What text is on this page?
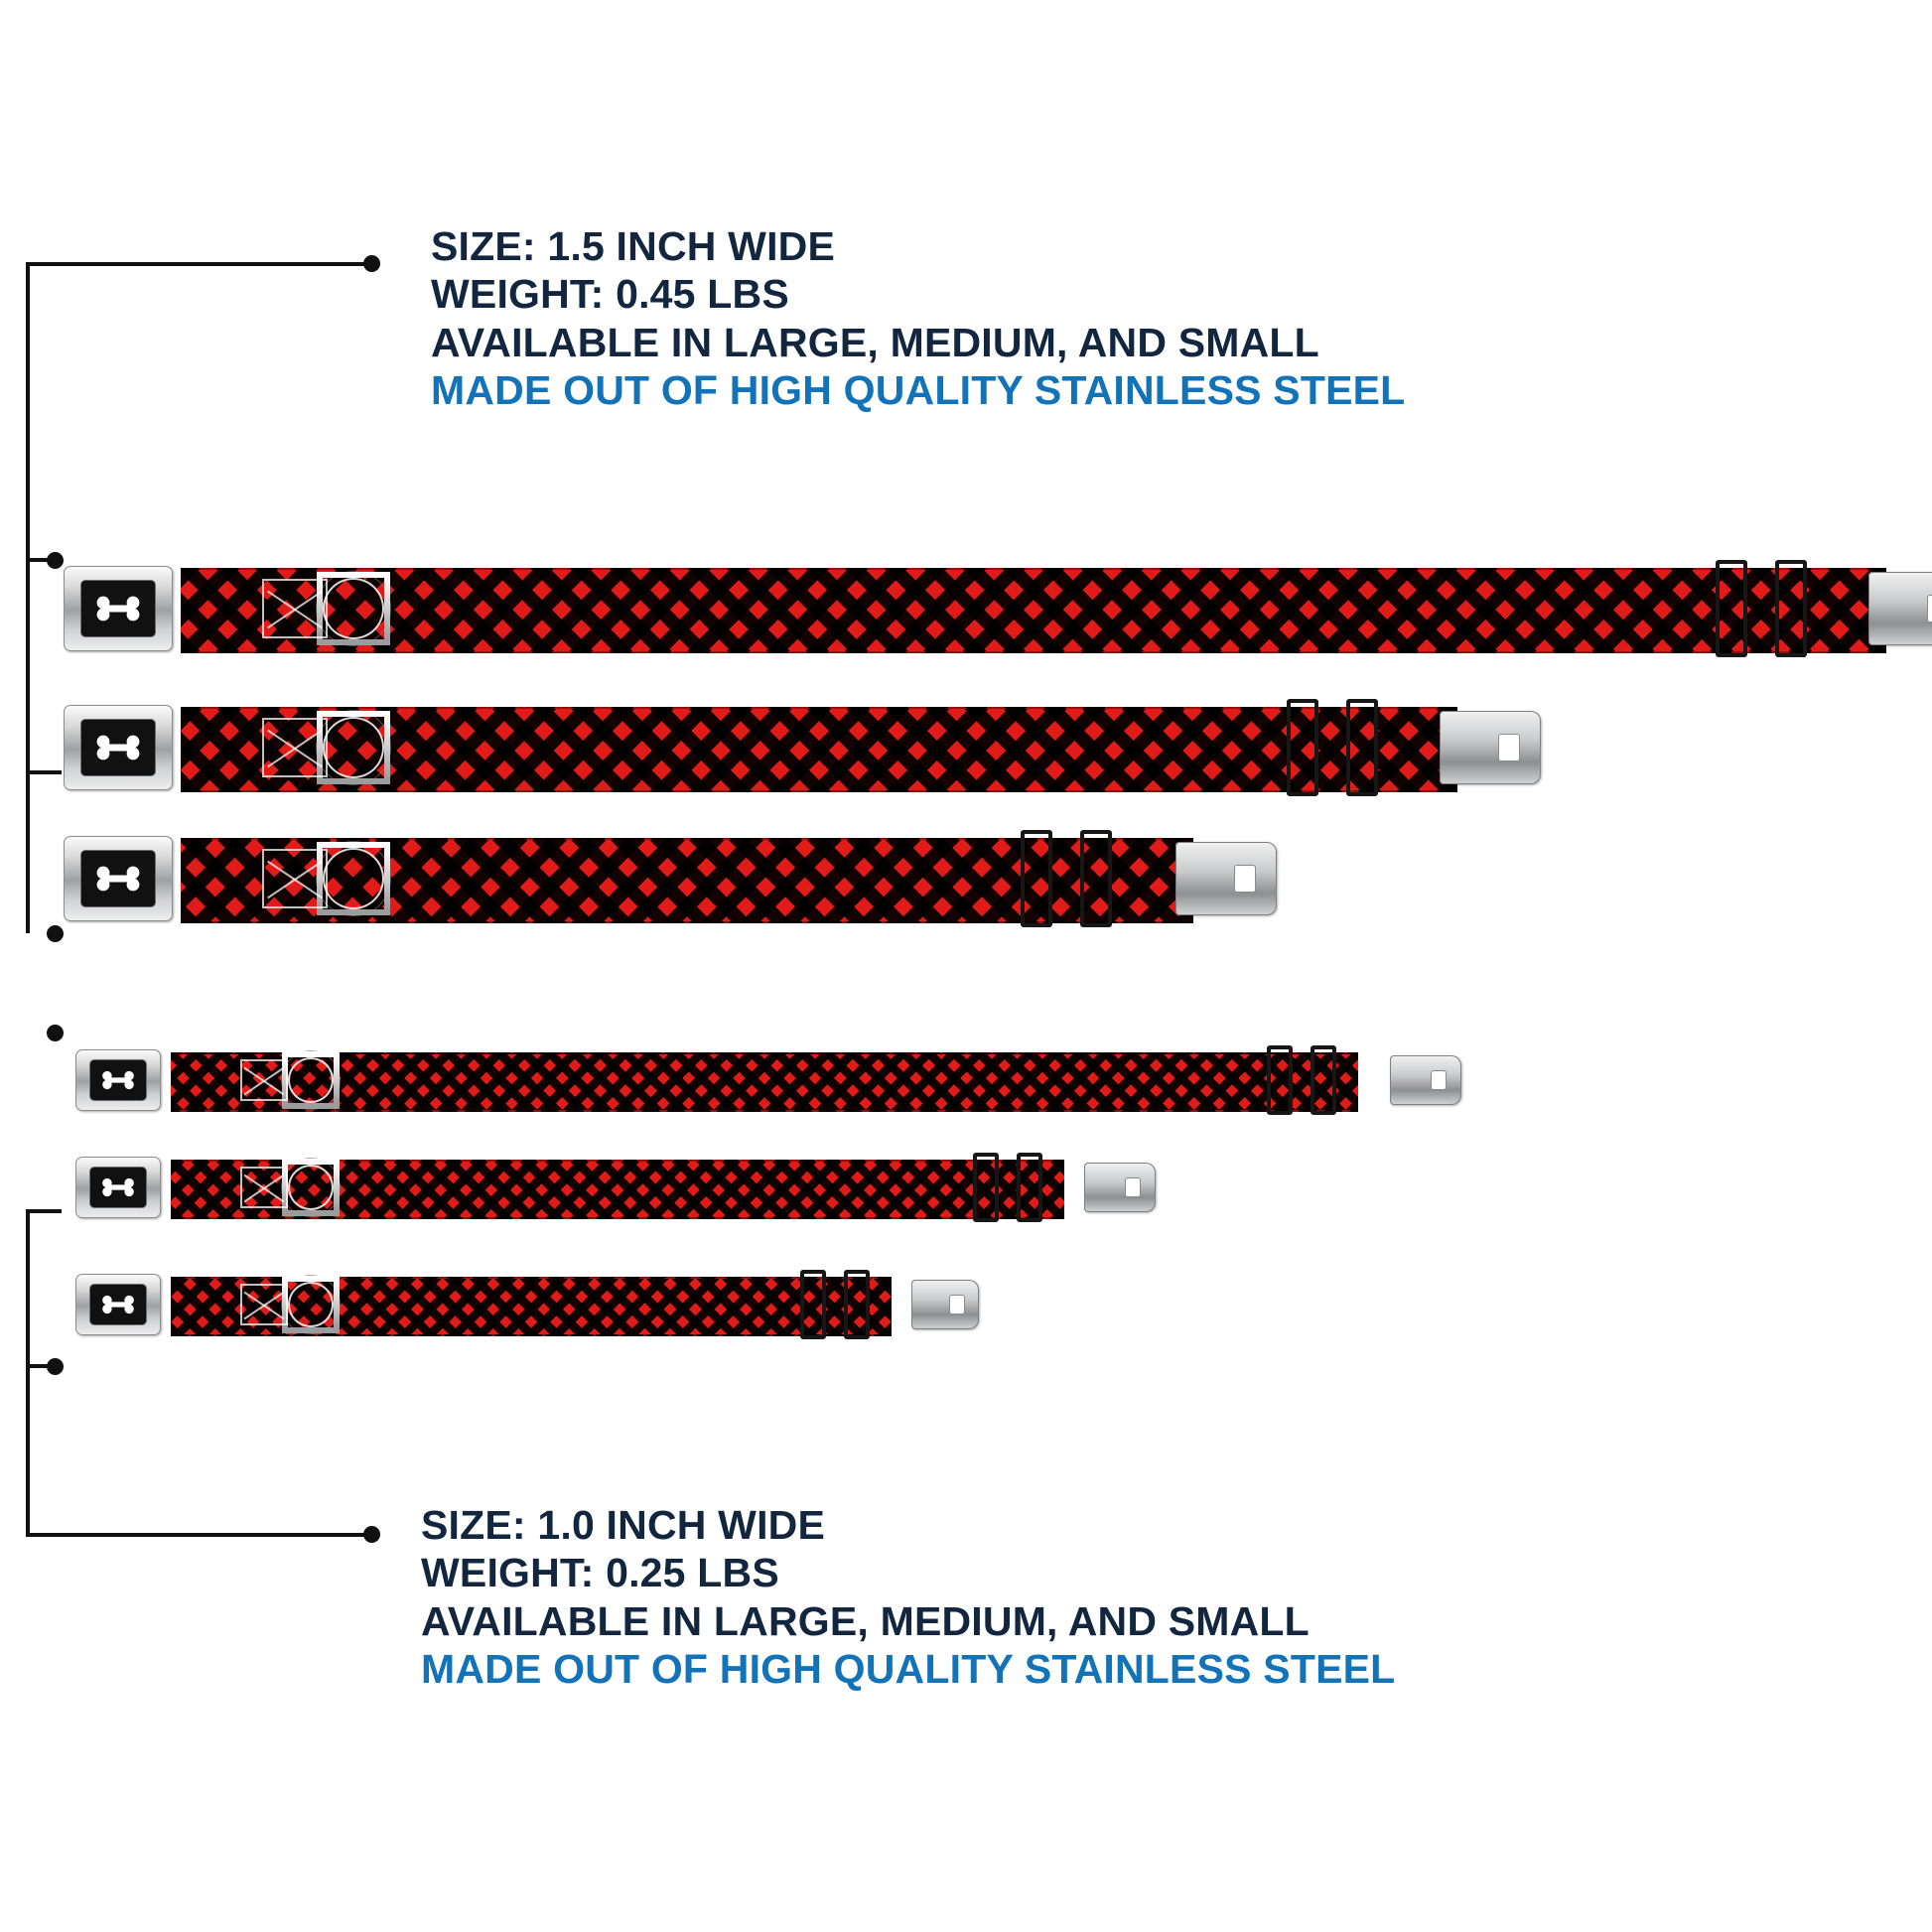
SIZE: 1.5 INCH WIDE
WEIGHT: 0.45 LBS
AVAILABLE IN LARGE, MEDIUM, AND SMALL
MADE OUT OF HIGH QUALITY STAINLESS STEEL
SIZE: 1.0 INCH WIDE
WEIGHT: 0.25 LBS
AVAILABLE IN LARGE, MEDIUM, AND SMALL
MADE OUT OF HIGH QUALITY STAINLESS STEEL
